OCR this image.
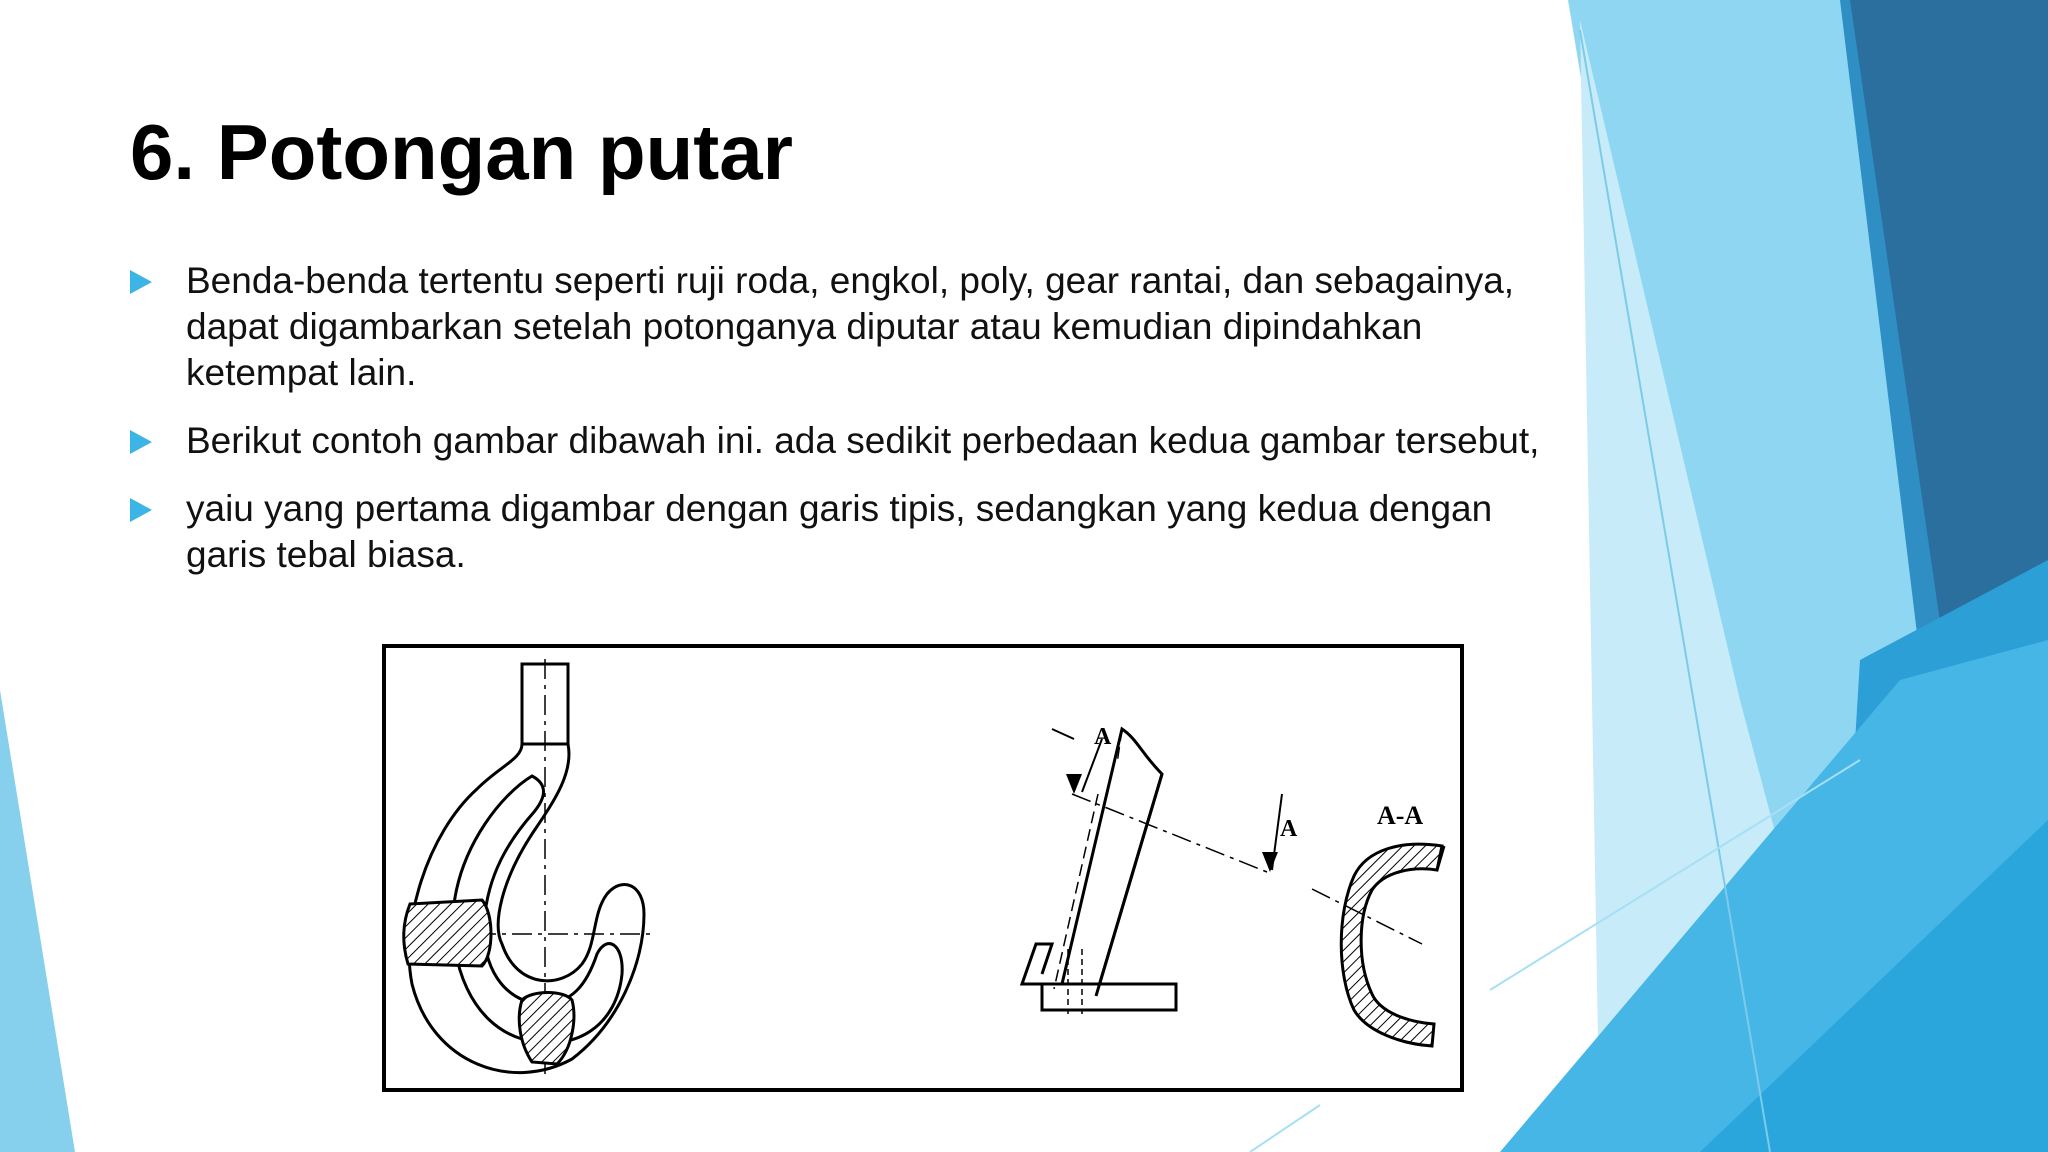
6. Potongan putar
Benda-benda tertentu seperti ruji roda, engkol, poly, gear rantai, dan sebagainya, dapat digambarkan setelah potonganya diputar atau kemudian dipindahkan ketempat lain.
Berikut contoh gambar dibawah ini. ada sedikit perbedaan kedua gambar tersebut,
yaiu yang pertama digambar dengan garis tipis, sedangkan yang kedua dengan garis tebal biasa.
A
A	A-A
